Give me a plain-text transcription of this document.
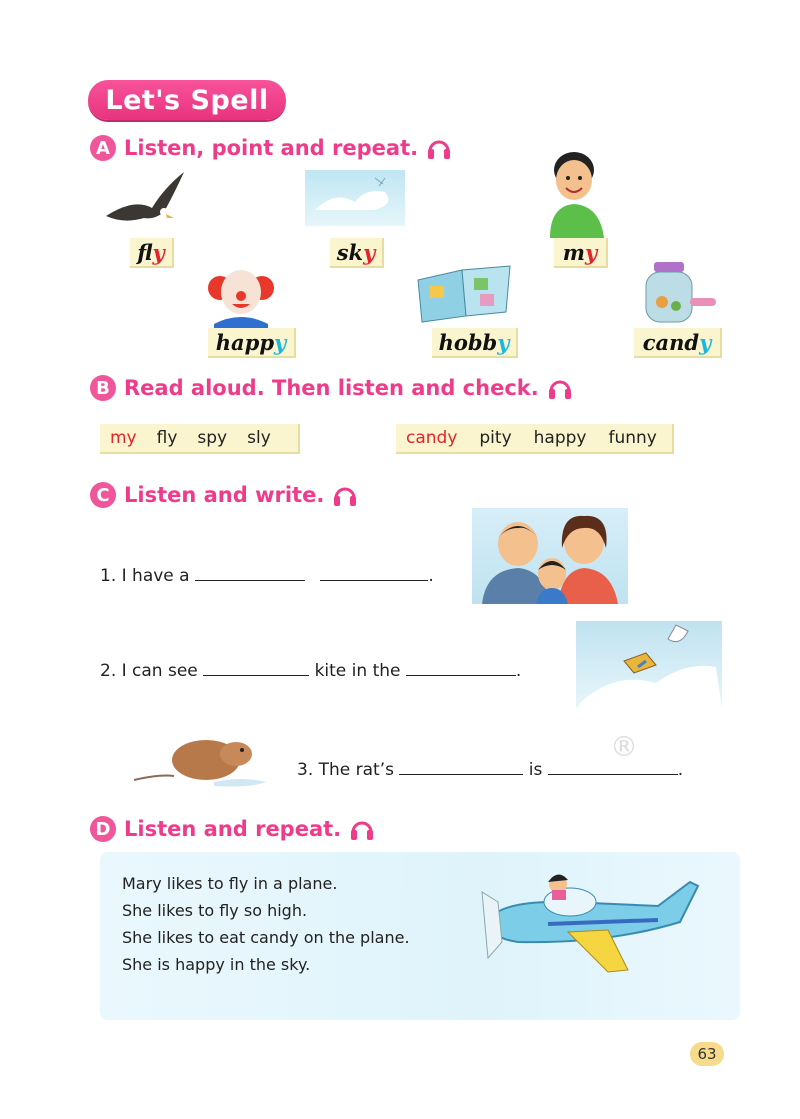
Let's Spell
A Listen, point and repeat.
fl y	sk y	m y
happ y	hobb y	cand y
B Read aloud. Then listen and check.
my fly spy sly	candy pity happy funny
C Listen and write.
1. I have a	.
2. I can see	kite in the	.
3. The rat’s	is	.
®
D Listen and repeat.
Mary likes to fly in a plane.
She likes to fly so high.
She likes to eat candy on the plane.
She is happy in the sky.
63
